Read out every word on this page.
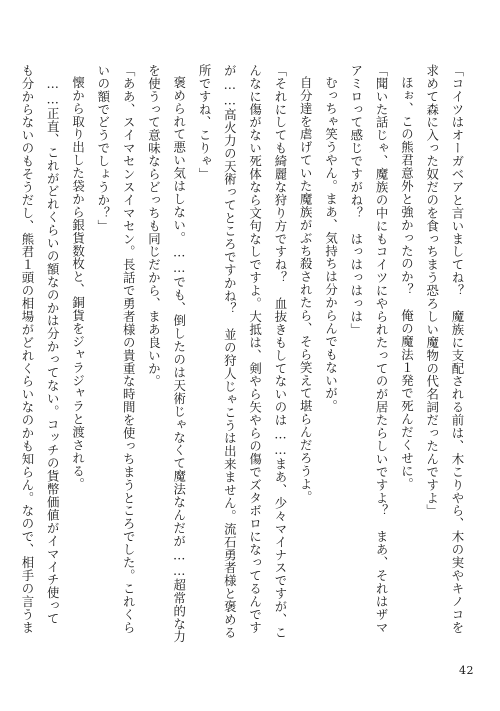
「コイツはオーガベアと言いましてね？　魔族に支配される前は、木こりやら、木の実やキノコを

求めて森に入った奴だのを食っちまう恐ろしい魔物の代名詞だったんですよ」

ほぉ、この熊君意外と強かったのか？　俺の魔法１発で死んだくせに。

「聞いた話じゃ、魔族の中にもコイツにやられたってのが居たらしいですよ？　まあ、それはザマ

アミロって感じですがね？　はっはっはっは」

むっちゃ笑うやん。まあ、気持ちは分からんでもないが。

自分達を虐げていた魔族がぶち殺されたら、そら笑えて堪らんだろうよ。

「それにしても綺麗な狩り方ですね？　血抜きもしてないのは……まあ、少々マイナスですが、こ

んなに傷がない死体なら文句なしですよ。大抵は、剣やら矢やらの傷でズタボロになってるんです

が……高火力の天術ってところですかね？　並の狩人じゃこうは出来ません。流石勇者様と褒める

所ですね、こりゃ」

褒められて悪い気はしない。……でも、倒したのは天術じゃなくて魔法なんだが……超常的な力

を使うって意味ならどっちも同じだから、まあ良いか。

「ああ、スイマセンスイマセン。長話で勇者様の貴重な時間を使っちまうところでした。これくら

いの額でどうでしょうか？」

懐から取り出した袋から銀貨数枚と、銅貨をジャラジャラと渡される。

……正直、これがどれくらいの額なのかは分かってない。コッチの貨幣価値がイマイチ使って

も分からないのもそうだし、熊君１頭の相場がどれくらいなのかも知らん。なので、相手の言うま

42
